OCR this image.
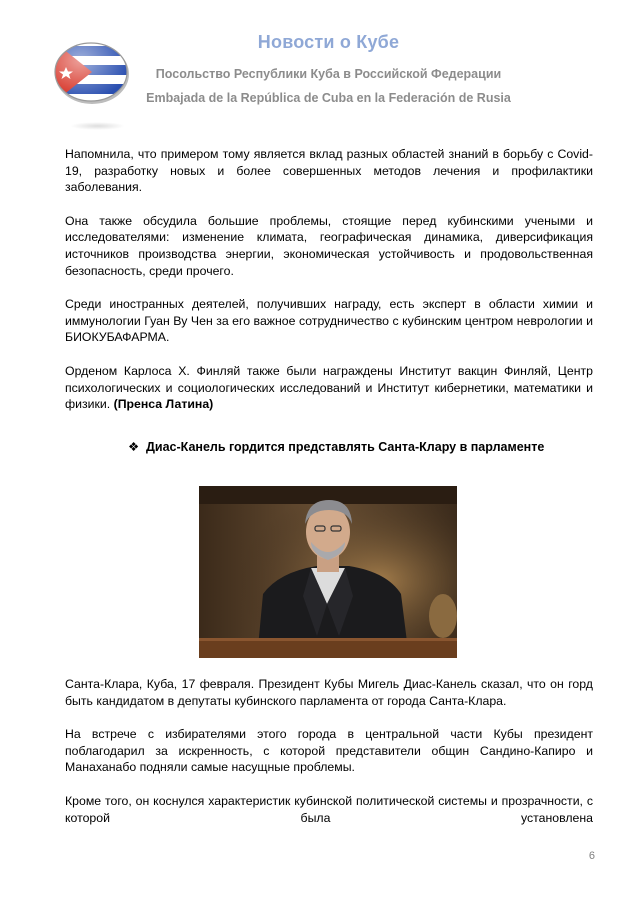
Новости о Кубе
Посольство Республики Куба в Российской Федерации
Embajada de la República de Cuba en la Federación de Rusia

Напомнила, что примером тому является вклад разных областей знаний в борьбу с Covid-19, разработку новых и более совершенных методов лечения и профилактики заболевания.

Она также обсудила большие проблемы, стоящие перед кубинскими учеными и исследователями: изменение климата, географическая динамика, диверсификация источников производства энергии, экономическая устойчивость и продовольственная безопасность, среди прочего.

Среди иностранных деятелей, получивших награду, есть эксперт в области химии и иммунологии Гуан Ву Чен за его важное сотрудничество с кубинским центром неврологии и БИОКУБАФАРМА.

Орденом Карлоса Х. Финляй также были награждены Институт вакцин Финляй, Центр психологических и социологических исследований и Институт кибернетики, математики и физики. (Пренса Латина)

❖ Диас-Канель гордится представлять Санта-Клару в парламенте

Санта-Клара, Куба, 17 февраля. Президент Кубы Мигель Диас-Канель сказал, что он горд быть кандидатом в депутаты кубинского парламента от города Санта-Клара.

На встрече с избирателями этого города в центральной части Кубы президент поблагодарил за искренность, с которой представители общин Сандино-Капиро и Манаханабо подняли самые насущные проблемы.

Кроме того, он коснулся характеристик кубинской политической системы и прозрачности, с которой была установлена

6
